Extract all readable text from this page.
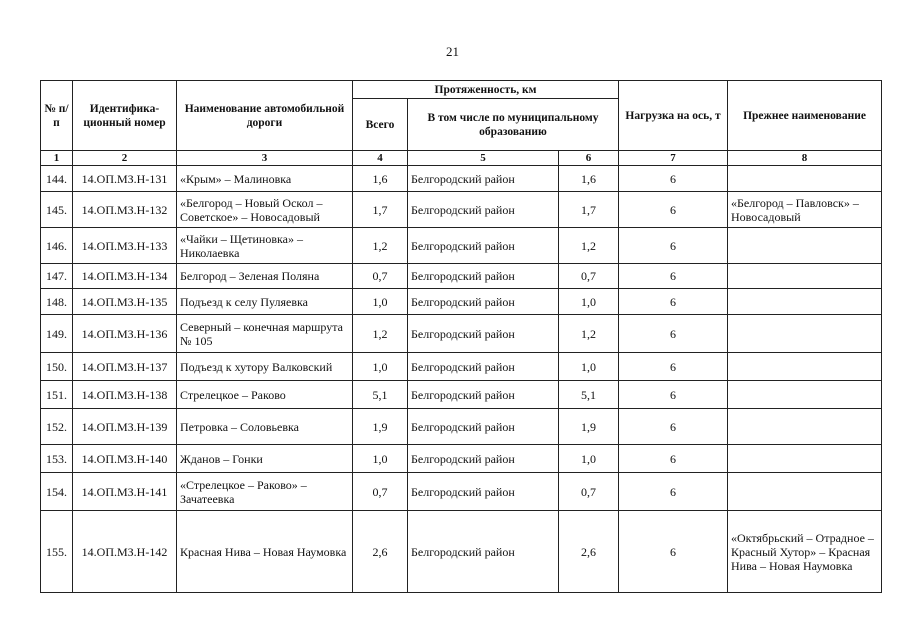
21
№ п/п	Идентифика-ционный номер	Наименование автомобильной дороги	Протяженность, км			Нагрузка на ось, т	Прежнее наименование
			Всего	В том числе по муниципальному образованию			
1	2	3	4	5	6	7	8
144.	14.ОП.МЗ.Н-131	«Крым» – Малиновка	1,6	Белгородский район	1,6	6	
145.	14.ОП.МЗ.Н-132	«Белгород – Новый Оскол – Советское» – Новосадовый	1,7	Белгородский район	1,7	6	«Белгород – Павловск» – Новосадовый
146.	14.ОП.МЗ.Н-133	«Чайки – Щетиновка» – Николаевка	1,2	Белгородский район	1,2	6	
147.	14.ОП.МЗ.Н-134	Белгород – Зеленая Поляна	0,7	Белгородский район	0,7	6	
148.	14.ОП.МЗ.Н-135	Подъезд к селу Пуляевка	1,0	Белгородский район	1,0	6	
149.	14.ОП.МЗ.Н-136	Северный – конечная маршрута № 105	1,2	Белгородский район	1,2	6	
150.	14.ОП.МЗ.Н-137	Подъезд к хутору Валковский	1,0	Белгородский район	1,0	6	
151.	14.ОП.МЗ.Н-138	Стрелецкое – Раково	5,1	Белгородский район	5,1	6	
152.	14.ОП.МЗ.Н-139	Петровка – Соловьевка	1,9	Белгородский район	1,9	6	
153.	14.ОП.МЗ.Н-140	Жданов – Гонки	1,0	Белгородский район	1,0	6	
154.	14.ОП.МЗ.Н-141	«Стрелецкое – Раково» – Зачатеевка	0,7	Белгородский район	0,7	6	
155.	14.ОП.МЗ.Н-142	Красная Нива – Новая Наумовка	2,6	Белгородский район	2,6	6	«Октябрьский – Отрадное – Красный Хутор» – Красная Нива – Новая Наумовка
